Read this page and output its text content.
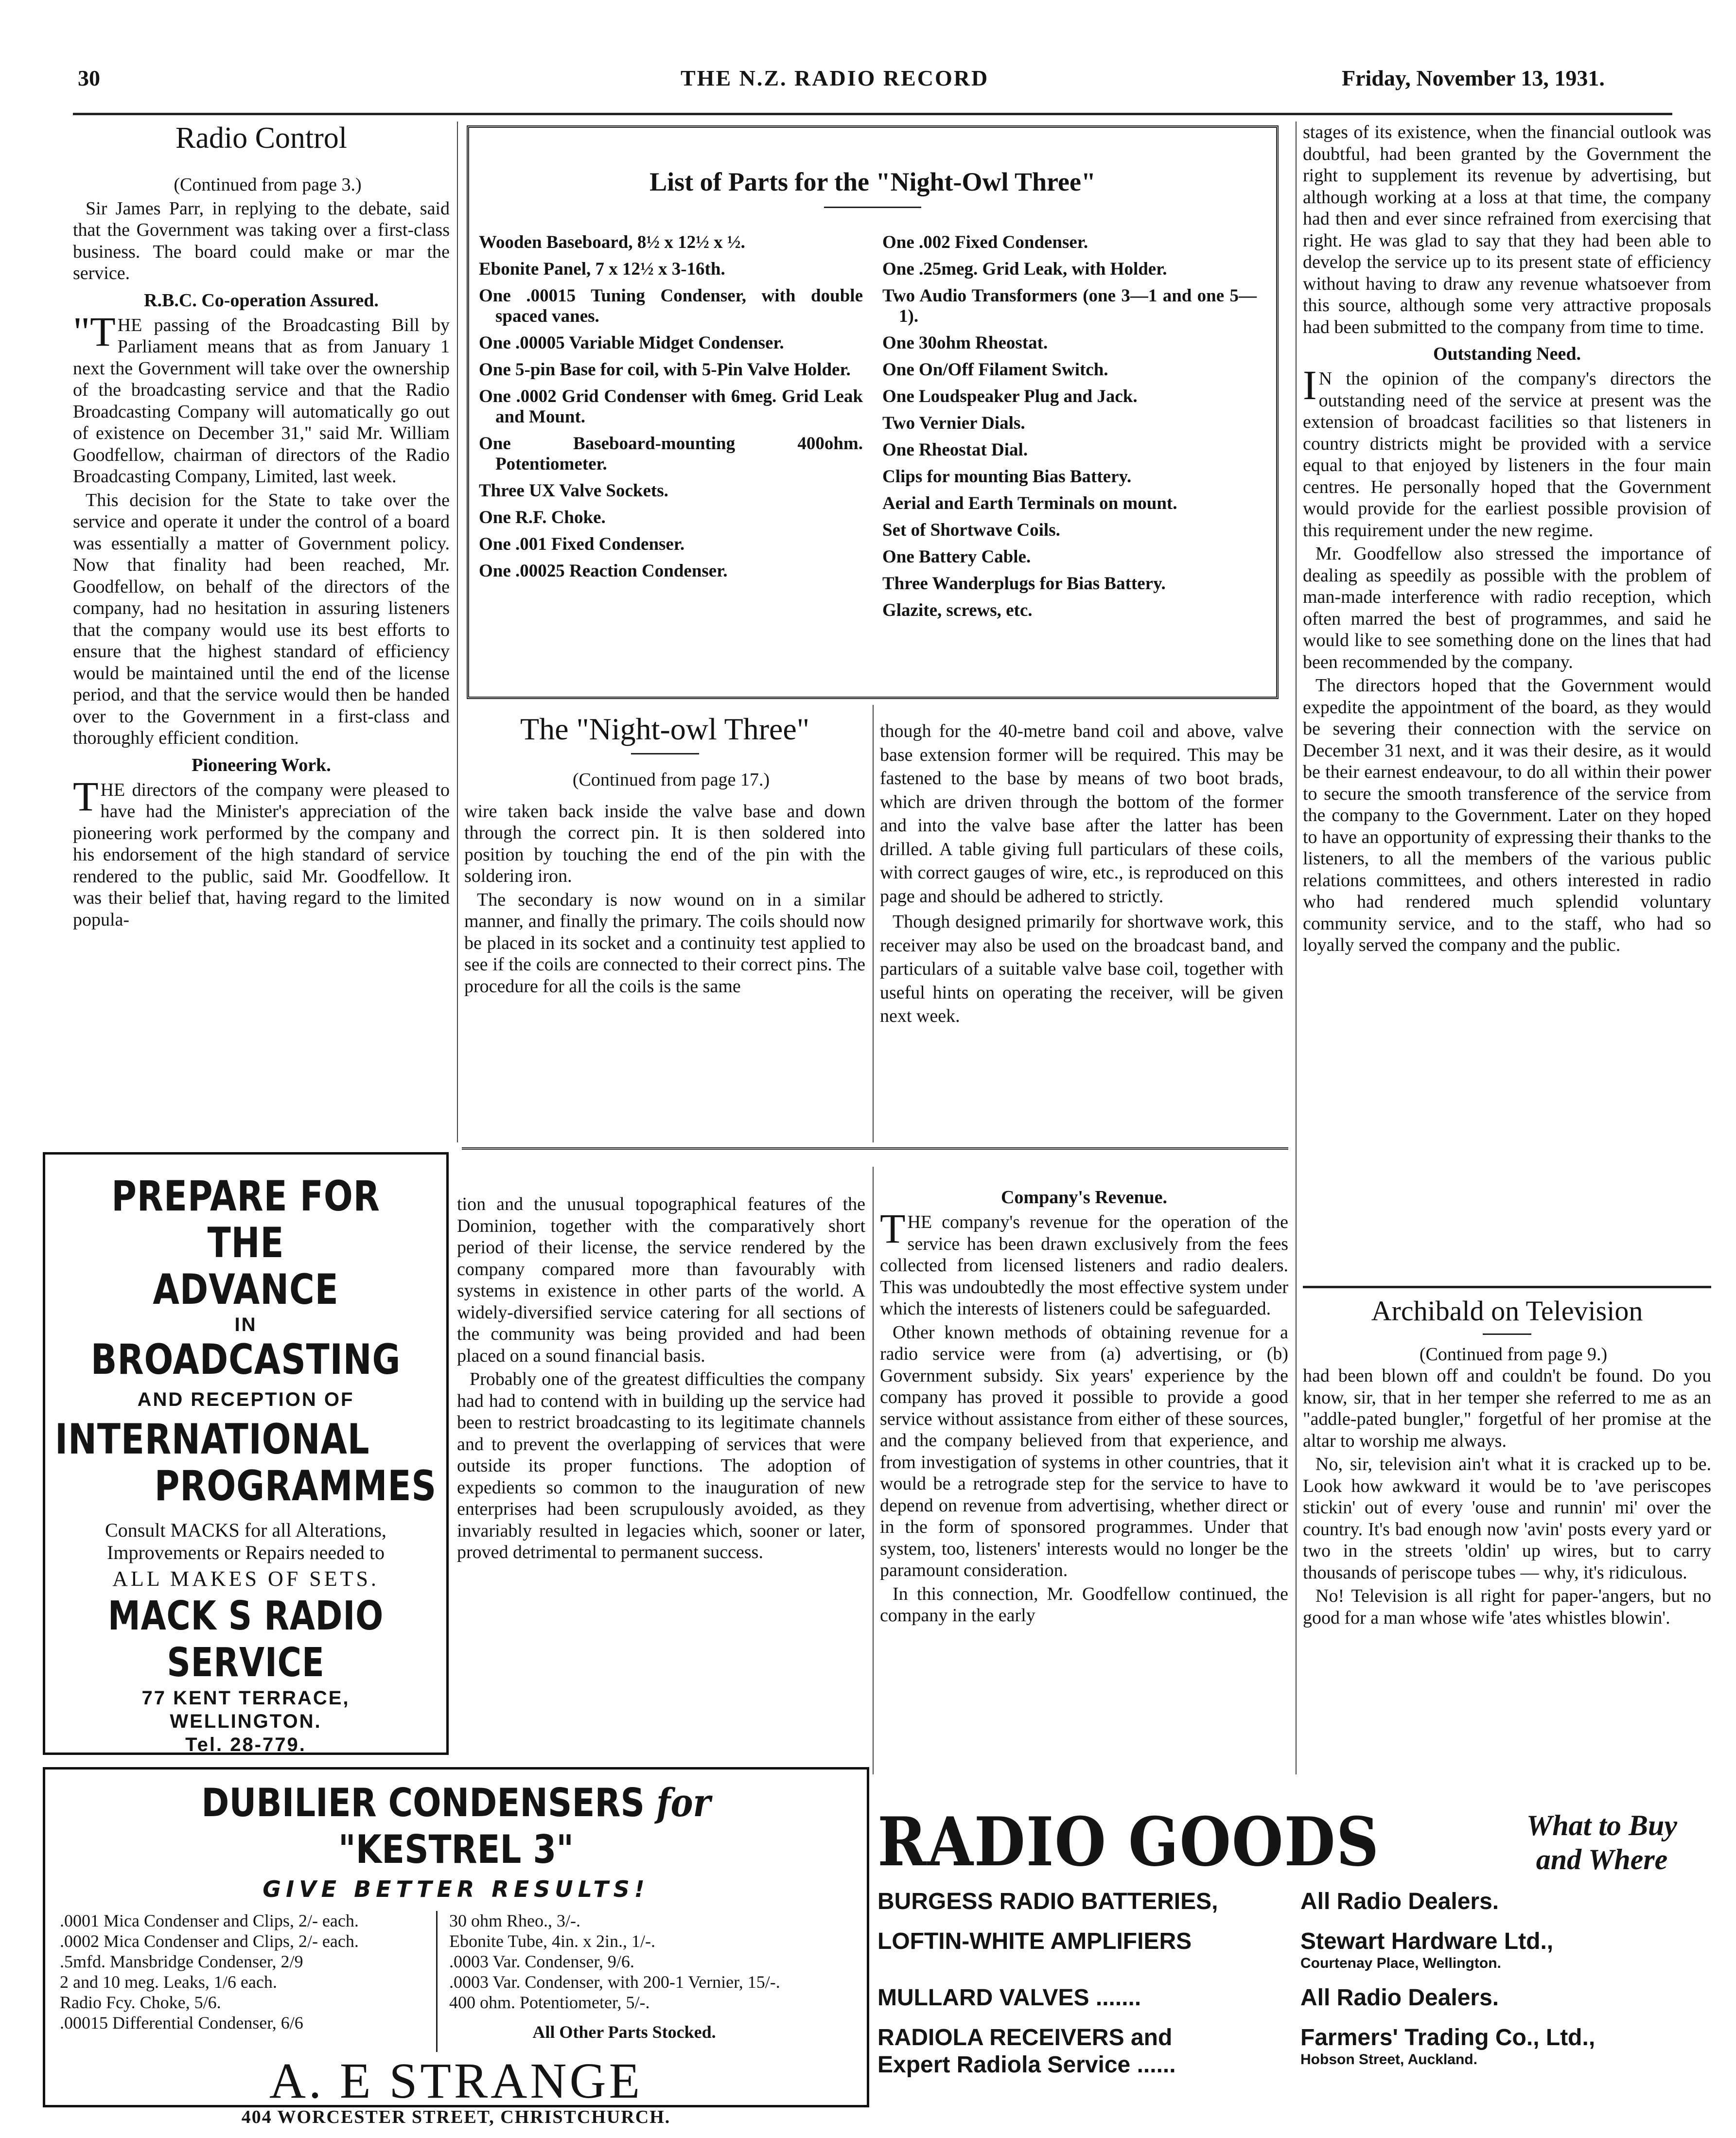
30	THE N.Z. RADIO RECORD	Friday, November 13, 1931.
Radio Control

(Continued from page 3.)

Sir James Parr, in replying to the debate, said that the Government was taking over a first-class business. The board could make or mar the service.

R.B.C. Co-operation Assured.

"THE passing of the Broadcasting Bill by Parliament means that as from January 1 next the Government will take over the ownership of the broadcasting service and that the Radio Broadcasting Company will automatically go out of existence on December 31," said Mr. William Goodfellow, chairman of directors of the Radio Broadcasting Company, Limited, last week.

This decision for the State to take over the service and operate it under the control of a board was essentially a matter of Government policy. Now that finality had been reached, Mr. Goodfellow, on behalf of the directors of the company, had no hesitation in assuring listeners that the company would use its best efforts to ensure that the highest standard of efficiency would be maintained until the end of the license period, and that the service would then be handed over to the Government in a first-class and thoroughly efficient condition.

Pioneering Work.

THE directors of the company were pleased to have had the Minister's appreciation of the pioneering work performed by the company and his endorsement of the high standard of service rendered to the public, said Mr. Goodfellow. It was their belief that, having regard to the limited popula-

List of Parts for the "Night-Owl Three"
Wooden Baseboard, 8½ x 12½ x ½.
Ebonite Panel, 7 x 12½ x 3-16th.
One .00015 Tuning Condenser, with double spaced vanes.
One .00005 Variable Midget Condenser.
One 5-pin Base for coil, with 5-Pin Valve Holder.
One .0002 Grid Condenser with 6meg. Grid Leak and Mount.
One Baseboard-mounting 400ohm. Potentiometer.
Three UX Valve Sockets.
One R.F. Choke.
One .001 Fixed Condenser.
One .00025 Reaction Condenser.
One .002 Fixed Condenser.
One .25meg. Grid Leak, with Holder.
Two Audio Transformers (one 3—1 and one 5—1).
One 30ohm Rheostat.
One On/Off Filament Switch.
One Loudspeaker Plug and Jack.
Two Vernier Dials.
One Rheostat Dial.
Clips for mounting Bias Battery.
Aerial and Earth Terminals on mount.
Set of Shortwave Coils.
One Battery Cable.
Three Wanderplugs for Bias Battery.
Glazite, screws, etc.
The "Night-owl Three"

(Continued from page 17.)

wire taken back inside the valve base and down through the correct pin. It is then soldered into position by touching the end of the pin with the soldering iron.

The secondary is now wound on in a similar manner, and finally the primary. The coils should now be placed in its socket and a continuity test applied to see if the coils are connected to their correct pins. The procedure for all the coils is the same

though for the 40-metre band coil and above, valve base extension former will be required. This may be fastened to the base by means of two boot brads, which are driven through the bottom of the former and into the valve base after the latter has been drilled. A table giving full particulars of these coils, with correct gauges of wire, etc., is reproduced on this page and should be adhered to strictly.

Though designed primarily for shortwave work, this receiver may also be used on the broadcast band, and particulars of a suitable valve base coil, together with useful hints on operating the receiver, will be given next week.

tion and the unusual topographical features of the Dominion, together with the comparatively short period of their license, the service rendered by the company compared more than favourably with systems in existence in other parts of the world. A widely-diversified service catering for all sections of the community was being provided and had been placed on a sound financial basis.

Probably one of the greatest difficulties the company had had to contend with in building up the service had been to restrict broadcasting to its legitimate channels and to prevent the overlapping of services that were outside its proper functions. The adoption of expedients so common to the inauguration of new enterprises had been scrupulously avoided, as they invariably resulted in legacies which, sooner or later, proved detrimental to permanent success.

Company's Revenue.

THE company's revenue for the operation of the service has been drawn exclusively from the fees collected from licensed listeners and radio dealers. This was undoubtedly the most effective system under which the interests of listeners could be safeguarded.

Other known methods of obtaining revenue for a radio service were from (a) advertising, or (b) Government subsidy. Six years' experience by the company has proved it possible to provide a good service without assistance from either of these sources, and the company believed from that experience, and from investigation of systems in other countries, that it would be a retrograde step for the service to have to depend on revenue from advertising, whether direct or in the form of sponsored programmes. Under that system, too, listeners' interests would no longer be the paramount consideration.

In this connection, Mr. Goodfellow continued, the company in the early

stages of its existence, when the financial outlook was doubtful, had been granted by the Government the right to supplement its revenue by advertising, but although working at a loss at that time, the company had then and ever since refrained from exercising that right. He was glad to say that they had been able to develop the service up to its present state of efficiency without having to draw any revenue whatsoever from this source, although some very attractive proposals had been submitted to the company from time to time.

Outstanding Need.

IN the opinion of the company's directors the outstanding need of the service at present was the extension of broadcast facilities so that listeners in country districts might be provided with a service equal to that enjoyed by listeners in the four main centres. He personally hoped that the Government would provide for the earliest possible provision of this requirement under the new regime.

Mr. Goodfellow also stressed the importance of dealing as speedily as possible with the problem of man-made interference with radio reception, which often marred the best of programmes, and said he would like to see something done on the lines that had been recommended by the company.

The directors hoped that the Government would expedite the appointment of the board, as they would be severing their connection with the service on December 31 next, and it was their desire, as it would be their earnest endeavour, to do all within their power to secure the smooth transference of the service from the company to the Government. Later on they hoped to have an opportunity of expressing their thanks to the listeners, to all the members of the various public relations committees, and others interested in radio who had rendered much splendid voluntary community service, and to the staff, who had so loyally served the company and the public.

Archibald on Television

(Continued from page 9.)

had been blown off and couldn't be found. Do you know, sir, that in her temper she referred to me as an "addle-pated bungler," forgetful of her promise at the altar to worship me always.

No, sir, television ain't what it is cracked up to be. Look how awkward it would be to 'ave periscopes stickin' out of every 'ouse and runnin' mi' over the country. It's bad enough now 'avin' posts every yard or two in the streets 'oldin' up wires, but to carry thousands of periscope tubes — why, it's ridiculous.

No! Television is all right for paper-'angers, but no good for a man whose wife 'ates whistles blowin'.

PREPARE FOR THE
ADVANCE
IN
BROADCASTING
AND RECEPTION OF
INTERNATIONAL
PROGRAMMES
Consult MACKS for all Alterations, Improvements or Repairs needed to
ALL MAKES OF SETS.
MACK S RADIO SERVICE
77 KENT TERRACE,
WELLINGTON.
Tel. 28-779.
DUBILIER CONDENSERS for "KESTREL 3"
GIVE BETTER RESULTS!
.0001 Mica Condenser and Clips, 2/- each.
.0002 Mica Condenser and Clips, 2/- each.
.5mfd. Mansbridge Condenser, 2/9
2 and 10 meg. Leaks, 1/6 each.
Radio Fcy. Choke, 5/6.
.00015 Differential Condenser, 6/6
30 ohm Rheo., 3/-.
Ebonite Tube, 4in. x 2in., 1/-.
.0003 Var. Condenser, 9/6.
.0003 Var. Condenser, with 200-1 Vernier, 15/-.
400 ohm. Potentiometer, 5/-.
All Other Parts Stocked.
A. E STRANGE
404 WORCESTER STREET, CHRISTCHURCH.
RADIO GOODS	What to Buy
and Where
BURGESS RADIO BATTERIES,	All Radio Dealers.
LOFTIN-WHITE AMPLIFIERS	Stewart Hardware Ltd.,
Courtenay Place, Wellington.
MULLARD VALVES .......	All Radio Dealers.
RADIOLA RECEIVERS and Expert Radiola Service ......
Farmers' Trading Co., Ltd.,
Hobson Street, Auckland.
